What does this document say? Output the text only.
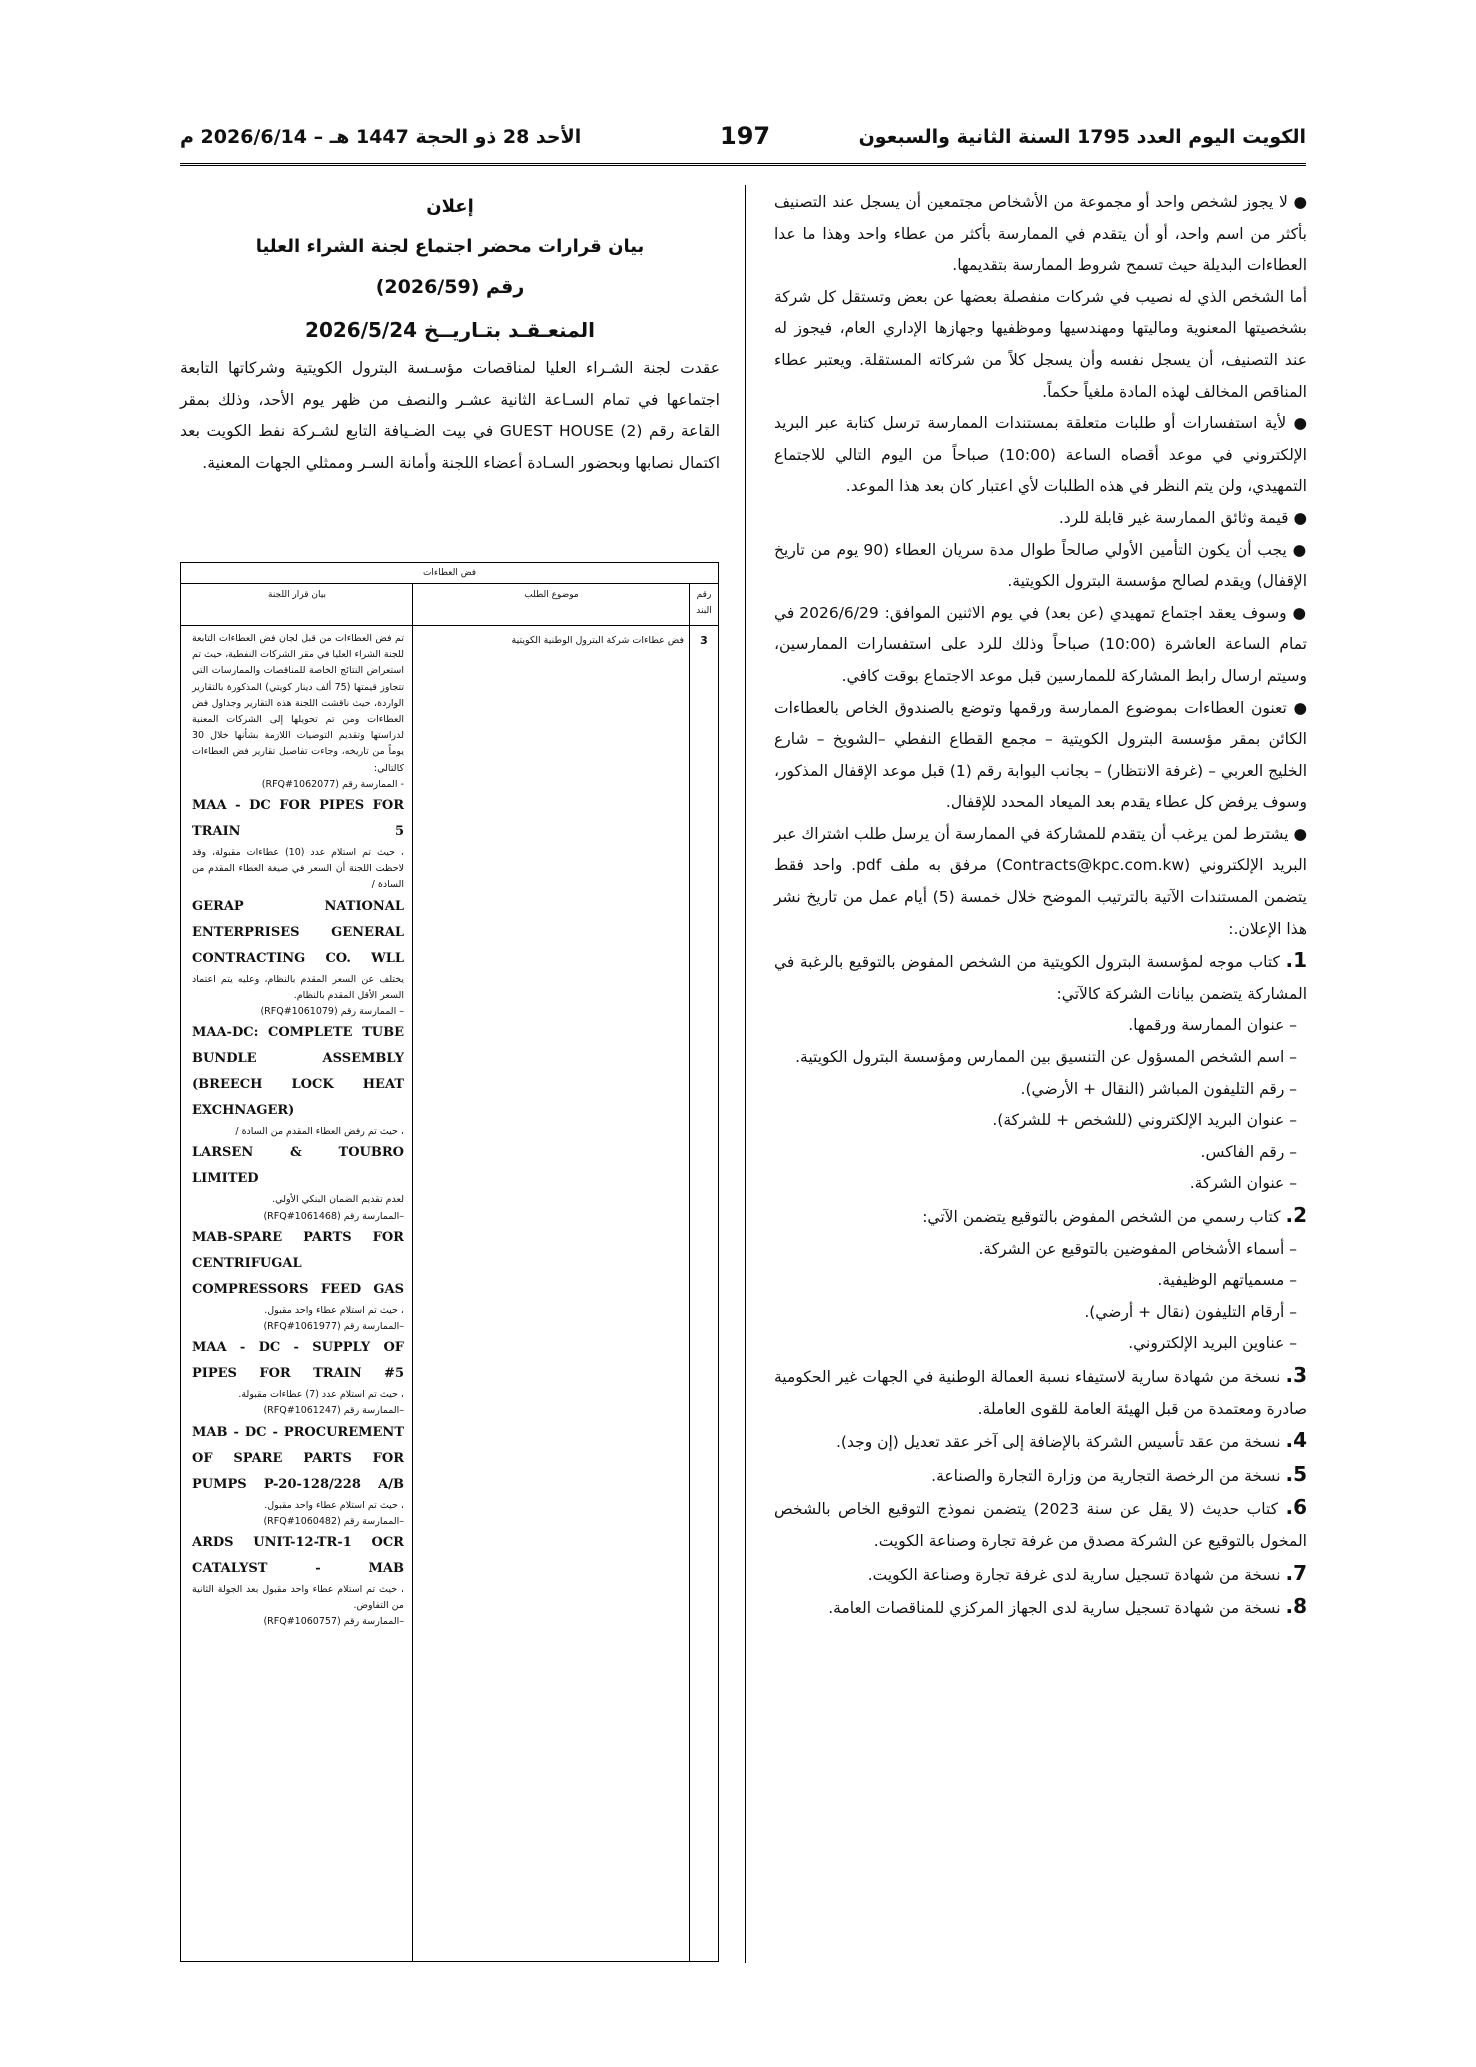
الكويت اليوم العدد 1795 السنة الثانية والسبعون
197
الأحد 28 ذو الحجة 1447 هـ – 2026/6/14 م

● لا يجوز لشخص واحد أو مجموعة من الأشخاص مجتمعين أن يسجل عند التصنيف بأكثر من اسم واحد، أو أن يتقدم في الممارسة بأكثر من عطاء واحد وهذا ما عدا العطاءات البديلة حيث تسمح شروط الممارسة بتقديمها.

أما الشخص الذي له نصيب في شركات منفصلة بعضها عن بعض وتستقل كل شركة بشخصيتها المعنوية وماليتها ومهندسيها وموظفيها وجهازها الإداري العام، فيجوز له عند التصنيف، أن يسجل نفسه وأن يسجل كلاً من شركاته المستقلة. ويعتبر عطاء المناقص المخالف لهذه المادة ملغياً حكماً.

● لأية استفسارات أو طلبات متعلقة بمستندات الممارسة ترسل كتابة عبر البريد الإلكتروني في موعد أقصاه الساعة (10:00) صباحاً من اليوم التالي للاجتماع التمهيدي، ولن يتم النظر في هذه الطلبات لأي اعتبار كان بعد هذا الموعد.

● قيمة وثائق الممارسة غير قابلة للرد.

● يجب أن يكون التأمين الأولي صالحاً طوال مدة سريان العطاء (90 يوم من تاريخ الإقفال) ويقدم لصالح مؤسسة البترول الكويتية.

● وسوف يعقد اجتماع تمهيدي (عن بعد) في يوم الاثنين الموافق: 2026/6/29 في تمام الساعة العاشرة (10:00) صباحاً وذلك للرد على استفسارات الممارسين، وسيتم ارسال رابط المشاركة للممارسين قبل موعد الاجتماع بوقت كافي.

● تعنون العطاءات بموضوع الممارسة ورقمها وتوضع بالصندوق الخاص بالعطاءات الكائن بمقر مؤسسة البترول الكويتية – مجمع القطاع النفطي –الشويخ – شارع الخليج العربي – (غرفة الانتظار) – بجانب البوابة رقم (1) قبل موعد الإقفال المذكور، وسوف يرفض كل عطاء يقدم بعد الميعاد المحدد للإقفال.

● يشترط لمن يرغب أن يتقدم للمشاركة في الممارسة أن يرسل طلب اشتراك عبر البريد الإلكتروني (Contracts@kpc.com.kw) مرفق به ملف pdf. واحد فقط يتضمن المستندات الآتية بالترتيب الموضح خلال خمسة (5) أيام عمل من تاريخ نشر هذا الإعلان.:

1. كتاب موجه لمؤسسة البترول الكويتية من الشخص المفوض بالتوقيع بالرغبة في المشاركة يتضمن بيانات الشركة كالآتي:

– عنوان الممارسة ورقمها.

– اسم الشخص المسؤول عن التنسيق بين الممارس ومؤسسة البترول الكويتية.

– رقم التليفون المباشر (النقال + الأرضي).

– عنوان البريد الإلكتروني (للشخص + للشركة).

– رقم الفاكس.

– عنوان الشركة.

2. كتاب رسمي من الشخص المفوض بالتوقيع يتضمن الآتي:

– أسماء الأشخاص المفوضين بالتوقيع عن الشركة.

– مسمياتهم الوظيفية.

– أرقام التليفون (نقال + أرضي).

– عناوين البريد الإلكتروني.

3. نسخة من شهادة سارية لاستيفاء نسبة العمالة الوطنية في الجهات غير الحكومية صادرة ومعتمدة من قبل الهيئة العامة للقوى العاملة.

4. نسخة من عقد تأسيس الشركة بالإضافة إلى آخر عقد تعديل (إن وجد).

5. نسخة من الرخصة التجارية من وزارة التجارة والصناعة.

6. كتاب حديث (لا يقل عن سنة 2023) يتضمن نموذج التوقيع الخاص بالشخص المخول بالتوقيع عن الشركة مصدق من غرفة تجارة وصناعة الكويت.

7. نسخة من شهادة تسجيل سارية لدى غرفة تجارة وصناعة الكويت.

8. نسخة من شهادة تسجيل سارية لدى الجهاز المركزي للمناقصات العامة.

إعلان
بيان قرارات محضر اجتماع لجنة الشراء العليا
رقم (2026/59)
المنعـقـد بتـاريــخ 2026/5/24

عقدت لجنة الشـراء العليا لمناقصات مؤسـسة البترول الكويتية وشركاتها التابعة اجتماعها في تمام السـاعة الثانية عشـر والنصف من ظهر يوم الأحد، وذلك بمقر القاعة رقم (2) GUEST HOUSE في بيت الضـيافة التابع لشـركة نفط الكويت بعد اكتمال نصابها وبحضور السـادة أعضاء اللجنة وأمانة السـر وممثلي الجهات المعنية.

فض العطاءات
رقم البند
موضوع الطلب
بيان قرار اللجنة
3
فض عطاءات شركة البترول الوطنية الكويتية

تم فض العطاءات من قبل لجان فض العطاءات التابعة للجنة الشراء العليا في مقر الشركات النفطية، حيث تم استعراض النتائج الخاصة للمناقصات والممارسات التي تتجاوز قيمتها (75 ألف دينار كويتي) المذكورة بالتقارير الواردة، حيث ناقشت اللجنة هذه التقارير وجداول فض العطاءات ومن تم تحويلها إلى الشركات المعنية لدراستها وتقديم التوصيات اللازمة بشأنها خلال 30 يوماً من تاريخه، وجاءت تفاصيل تقارير فض العطاءات كالتالي:

- الممارسة رقم (RFQ#1062077)

MAA - DC FOR PIPES FOR TRAIN 5

، حيث تم استلام عدد (10) عطاءات مقبولة، وقد لاحظت اللجنة أن السعر في صيغة العطاء المقدم من السادة /

GERAP NATIONAL ENTERPRISES GENERAL CONTRACTING CO. WLL

يختلف عن السعر المقدم بالنظام، وعليه يتم اعتماد السعر الأقل المقدم بالنظام.

– الممارسة رقم (RFQ#1061079)

MAA-DC: COMPLETE TUBE BUNDLE ASSEMBLY (BREECH LOCK HEAT EXCHNAGER)

، حيث تم رفض العطاء المقدم من السادة /

LARSEN & TOUBRO LIMITED

لعدم تقديم الضمان البنكي الأولي.

–الممارسة رقم (RFQ#1061468)

MAB-SPARE PARTS FOR CENTRIFUGAL COMPRESSORS FEED GAS

، حيث تم استلام عطاء واحد مقبول.

–الممارسة رقم (RFQ#1061977)

MAA - DC - SUPPLY OF PIPES FOR TRAIN #5

، حيث تم استلام عدد (7) عطاءات مقبولة.

–الممارسة رقم (RFQ#1061247)

MAB - DC - PROCUREMENT OF SPARE PARTS FOR PUMPS P-20-128/228 A/B

، حيث تم استلام عطاء واحد مقبول.

–الممارسة رقم (RFQ#1060482)

ARDS UNIT-12-TR-1 OCR CATALYST - MAB

، حيث تم استلام عطاء واحد مقبول بعد الجولة الثانية من التفاوض.

–الممارسة رقم (RFQ#1060757)
